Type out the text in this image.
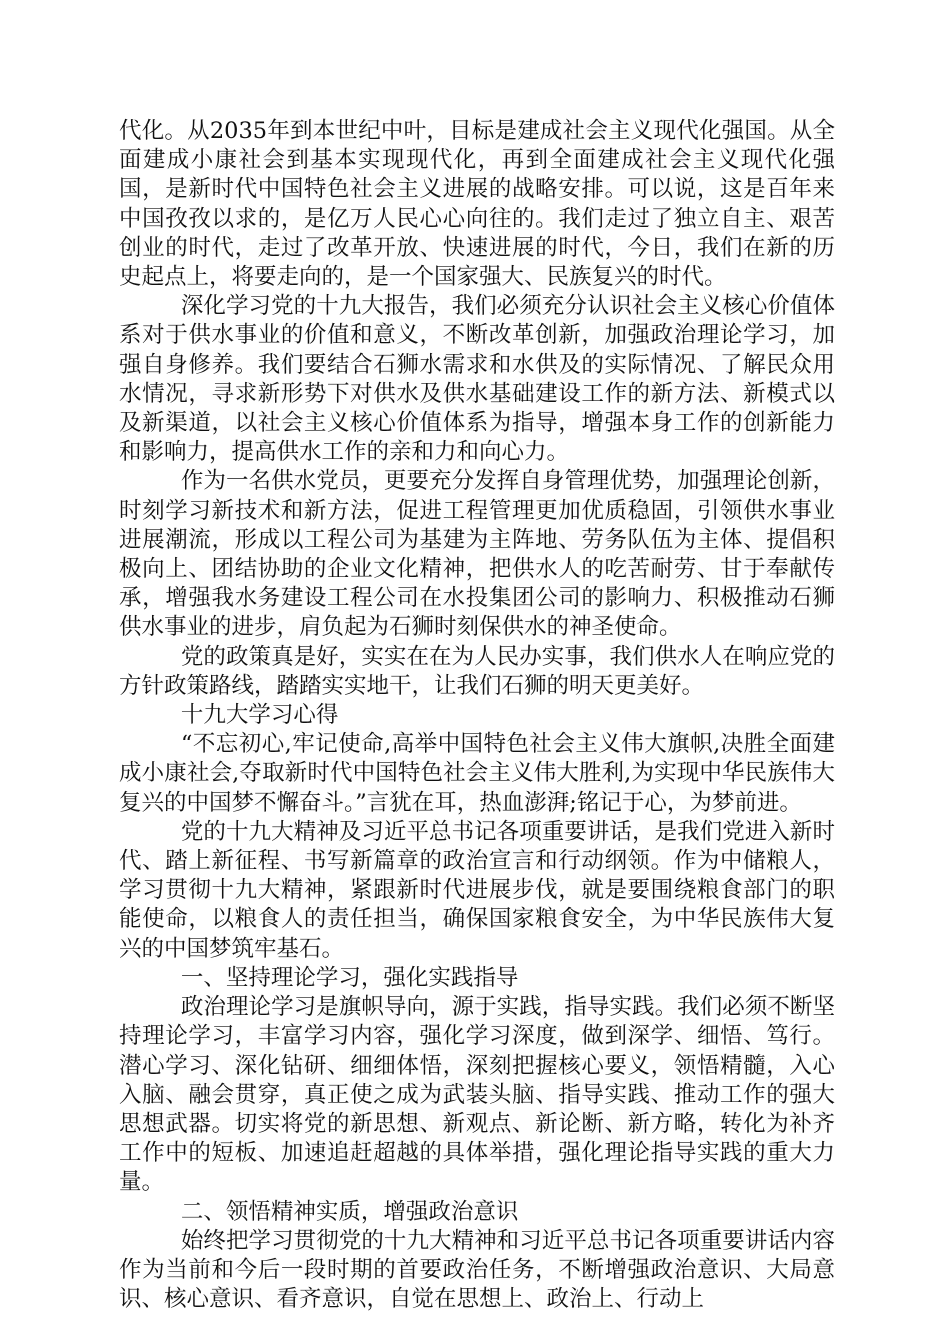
代化。从2035年到本世纪中叶，目标是建成社会主义现代化强国。从全面建成小康社会到基本实现现代化，再到全面建成社会主义现代化强国，是新时代中国特色社会主义进展的战略安排。可以说，这是百年来中国孜孜以求的，是亿万人民心心向往的。我们走过了独立自主、艰苦创业的时代，走过了改革开放、快速进展的时代，今日，我们在新的历史起点上，将要走向的，是一个国家强大、民族复兴的时代。

深化学习党的十九大报告，我们必须充分认识社会主义核心价值体系对于供水事业的价值和意义，不断改革创新，加强政治理论学习，加强自身修养。我们要结合石狮水需求和水供及的实际情况、了解民众用水情况，寻求新形势下对供水及供水基础建设工作的新方法、新模式以及新渠道，以社会主义核心价值体系为指导，增强本身工作的创新能力和影响力，提高供水工作的亲和力和向心力。

作为一名供水党员，更要充分发挥自身管理优势，加强理论创新，时刻学习新技术和新方法，促进工程管理更加优质稳固，引领供水事业进展潮流，形成以工程公司为基建为主阵地、劳务队伍为主体、提倡积极向上、团结协助的企业文化精神，把供水人的吃苦耐劳、甘于奉献传承，增强我水务建设工程公司在水投集团公司的影响力、积极推动石狮供水事业的进步，肩负起为石狮时刻保供水的神圣使命。

党的政策真是好，实实在在为人民办实事，我们供水人在响应党的方针政策路线，踏踏实实地干，让我们石狮的明天更美好。

十九大学习心得

“不忘初心,牢记使命,高举中国特色社会主义伟大旗帜,决胜全面建成小康社会,夺取新时代中国特色社会主义伟大胜利,为实现中华民族伟大复兴的中国梦不懈奋斗。”言犹在耳，热血澎湃;铭记于心，为梦前进。

党的十九大精神及习近平总书记各项重要讲话，是我们党进入新时代、踏上新征程、书写新篇章的政治宣言和行动纲领。作为中储粮人，学习贯彻十九大精神，紧跟新时代进展步伐，就是要围绕粮食部门的职能使命，以粮食人的责任担当，确保国家粮食安全，为中华民族伟大复兴的中国梦筑牢基石。

一、坚持理论学习，强化实践指导

政治理论学习是旗帜导向，源于实践，指导实践。我们必须不断坚持理论学习，丰富学习内容，强化学习深度，做到深学、细悟、笃行。潜心学习、深化钻研、细细体悟，深刻把握核心要义，领悟精髓，入心入脑、融会贯穿，真正使之成为武装头脑、指导实践、推动工作的强大思想武器。切实将党的新思想、新观点、新论断、新方略，转化为补齐工作中的短板、加速追赶超越的具体举措，强化理论指导实践的重大力量。

二、领悟精神实质，增强政治意识

始终把学习贯彻党的十九大精神和习近平总书记各项重要讲话内容作为当前和今后一段时期的首要政治任务，不断增强政治意识、大局意识、核心意识、看齐意识，自觉在思想上、政治上、行动上
